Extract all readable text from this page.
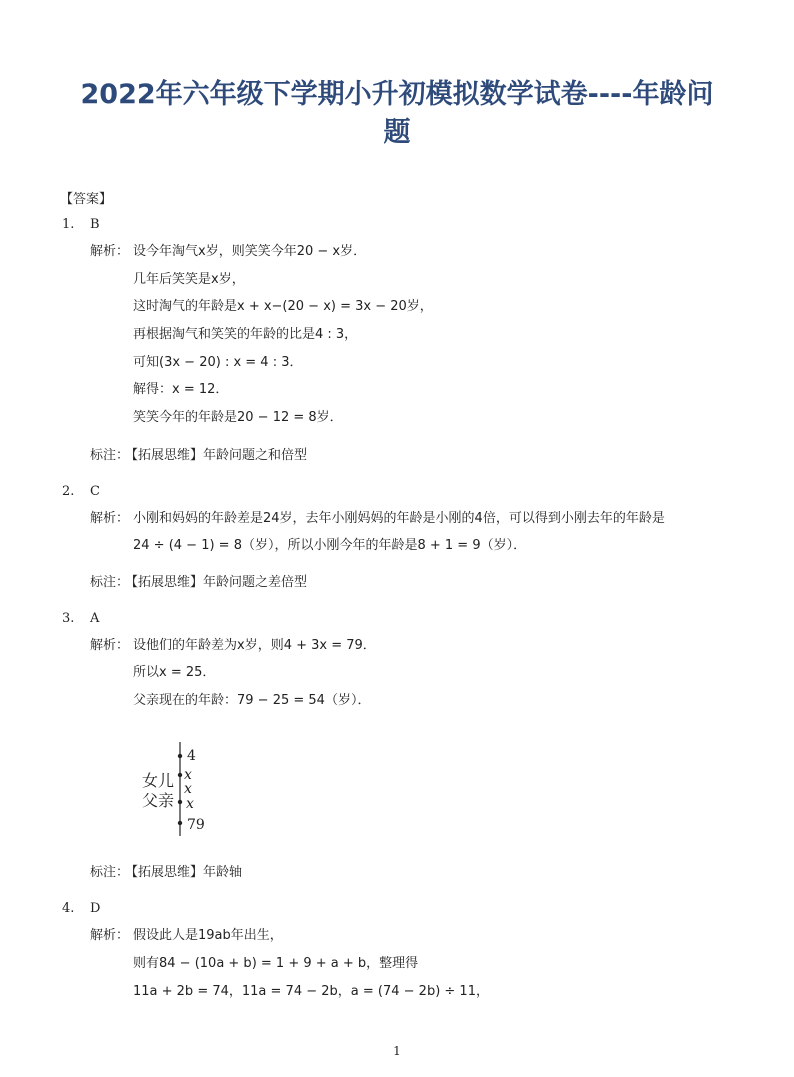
2022年六年级下学期小升初模拟数学试卷----年龄问
题
【答案】
1. B
解析： 设今年淘气x岁，则笑笑今年20 − x岁．
几年后笑笑是x岁，
这时淘气的年龄是x + x−(20 − x) = 3x − 20岁，
再根据淘气和笑笑的年龄的比是4 : 3，
可知(3x − 20) : x = 4 : 3．
解得：x = 12．
笑笑今年的年龄是20 − 12 = 8岁．
标注：
【拓展思维】年龄问题之和倍型
2. C
解析： 小刚和妈妈的年龄差是24岁，去年小刚妈妈的年龄是小刚的4倍，可以得到小刚去年的年龄是
24 ÷ (4 − 1) = 8（岁），所以小刚今年的年龄是8 + 1 = 9（岁）．
标注：
【拓展思维】年龄问题之差倍型
3. A
解析： 设他们的年龄差为x岁，则4 + 3x = 79．
所以x = 25．
父亲现在的年龄：79 − 25 = 54（岁）．
4
x
x
x
79
女儿
父亲
标注：
【拓展思维】年龄轴
4. D
解析： 假设此人是19ab年出生，
则有84 − (10a + b) = 1 + 9 + a + b，整理得
11a + 2b = 74，11a = 74 − 2b，a = (74 − 2b) ÷ 11，
1
